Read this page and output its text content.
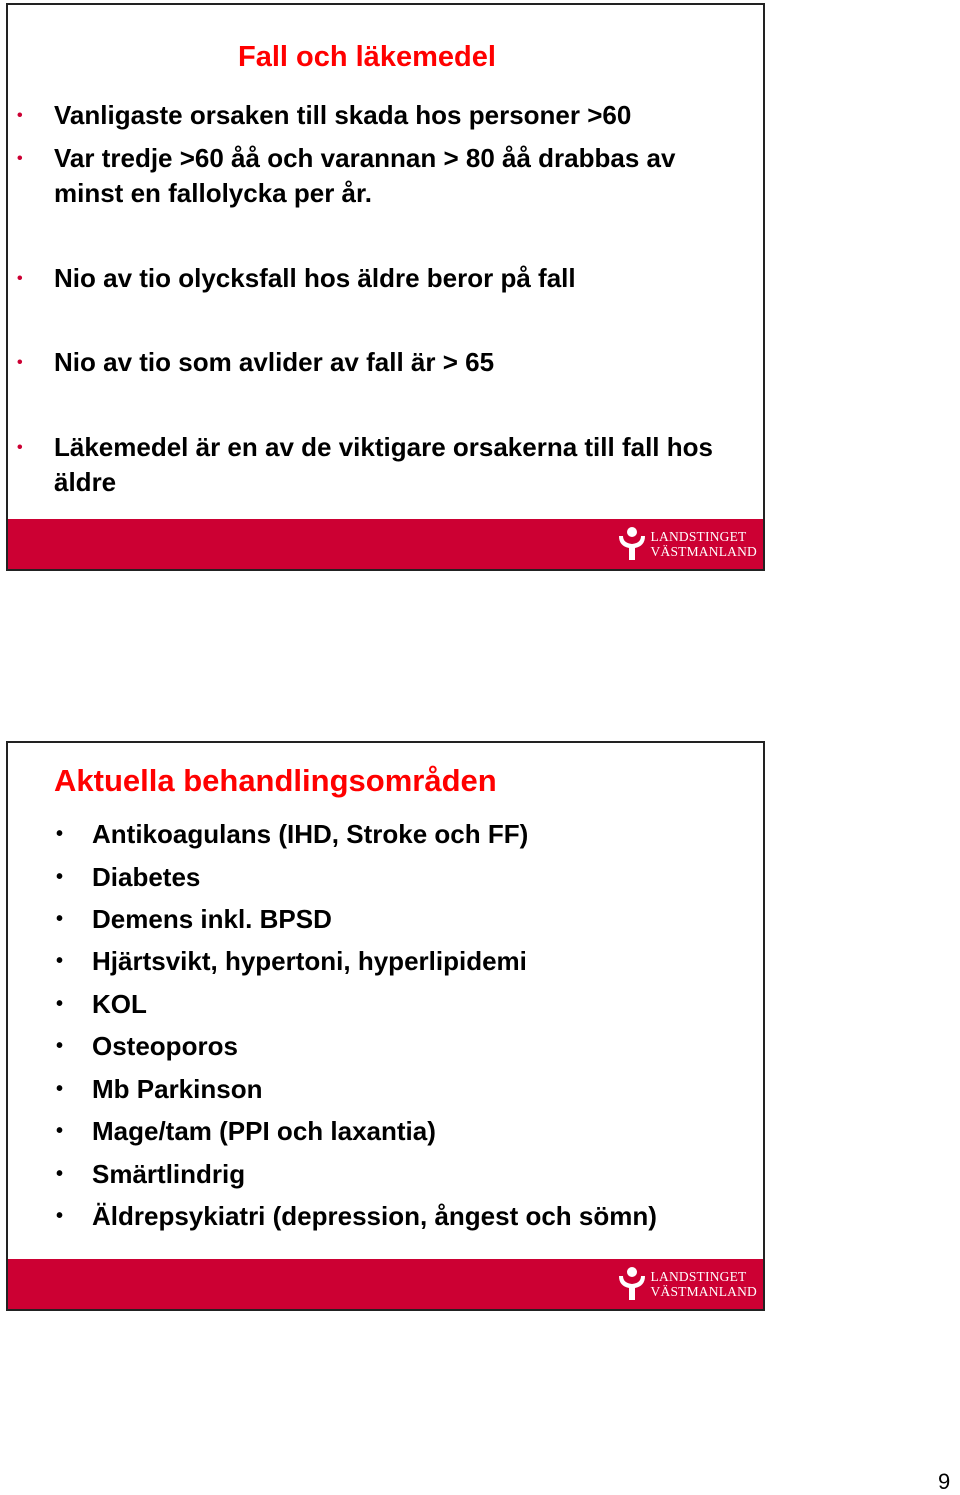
Fall och läkemedel
• Vanligaste orsaken till skada hos personer >60
• Var tredje >60 åå och varannan > 80 åå drabbas av minst en fallolycka per år.
• Nio av tio olycksfall hos äldre beror på fall
• Nio av tio som avlider av fall är > 65
• Läkemedel är en av de viktigare orsakerna till fall hos äldre
LANDSTINGET
VÄSTMANLAND
Aktuella behandlingsområden
• Antikoagulans (IHD, Stroke och FF)
• Diabetes
• Demens inkl. BPSD
• Hjärtsvikt, hypertoni, hyperlipidemi
• KOL
• Osteoporos
• Mb Parkinson
• Mage/tam (PPI och laxantia)
• Smärtlindrig
• Äldrepsykiatri (depression, ångest och sömn)
LANDSTINGET
VÄSTMANLAND
9
